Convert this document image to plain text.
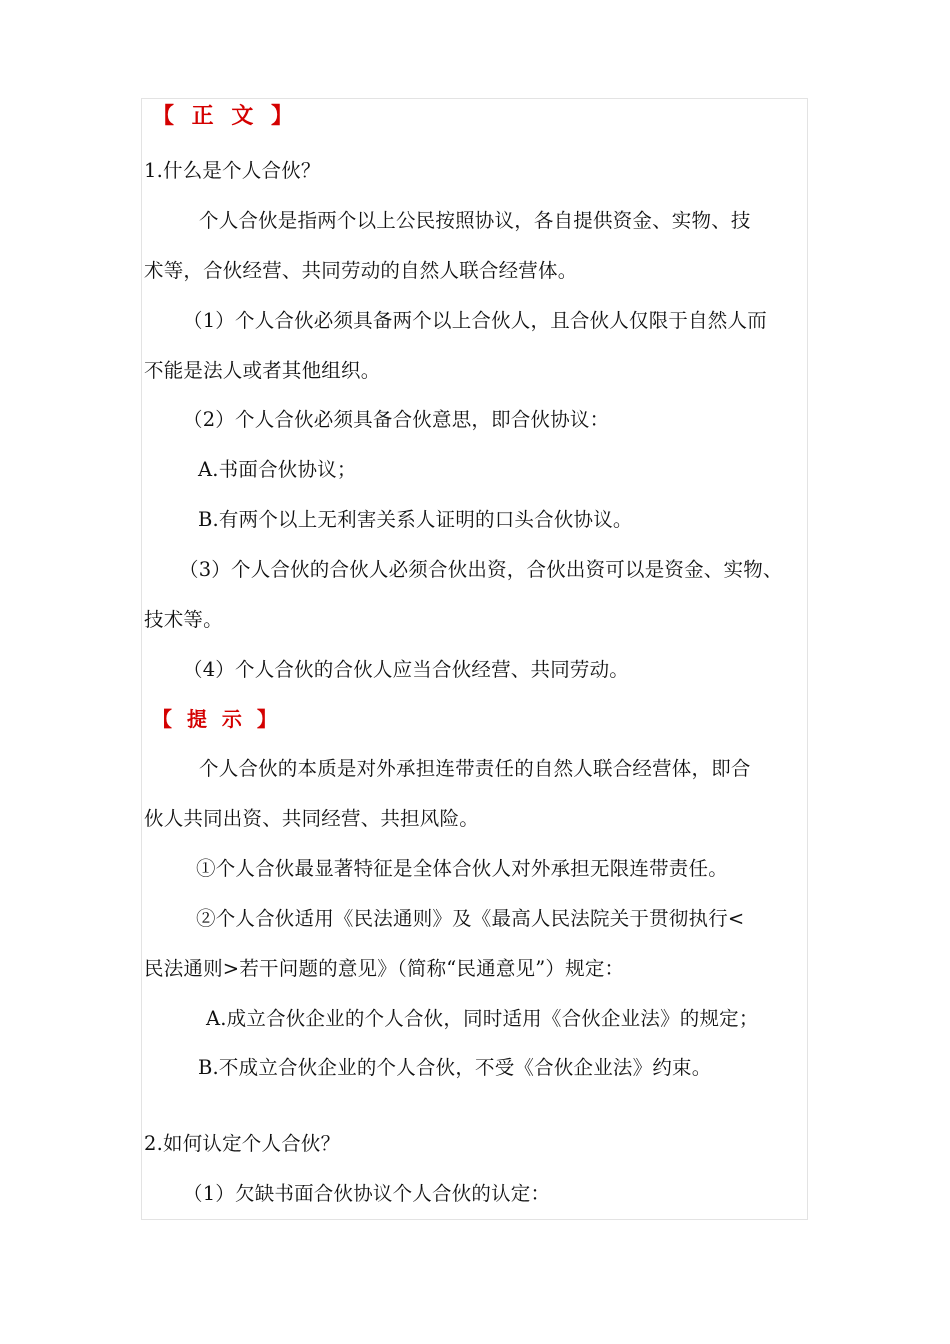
【 正 文 】
1.什么是个人合伙？
个人合伙是指两个以上公民按照协议，各自提供资金、实物、技
术等，合伙经营、共同劳动的自然人联合经营体。
（1）个人合伙必须具备两个以上合伙人，且合伙人仅限于自然人而
不能是法人或者其他组织。
（2）个人合伙必须具备合伙意思，即合伙协议：
A.书面合伙协议；
B.有两个以上无利害关系人证明的口头合伙协议。
（3）个人合伙的合伙人必须合伙出资，合伙出资可以是资金、实物、
技术等。
（4）个人合伙的合伙人应当合伙经营、共同劳动。
【 提 示 】
个人合伙的本质是对外承担连带责任的自然人联合经营体，即合
伙人共同出资、共同经营、共担风险。
①个人合伙最显著特征是全体合伙人对外承担无限连带责任。
②个人合伙适用《民法通则》及《最高人民法院关于贯彻执行<
民法通则>若干问题的意见》（简称“民通意见”）规定：
A.成立合伙企业的个人合伙，同时适用《合伙企业法》的规定；
B.不成立合伙企业的个人合伙，不受《合伙企业法》约束。
2.如何认定个人合伙？
（1）欠缺书面合伙协议个人合伙的认定：
